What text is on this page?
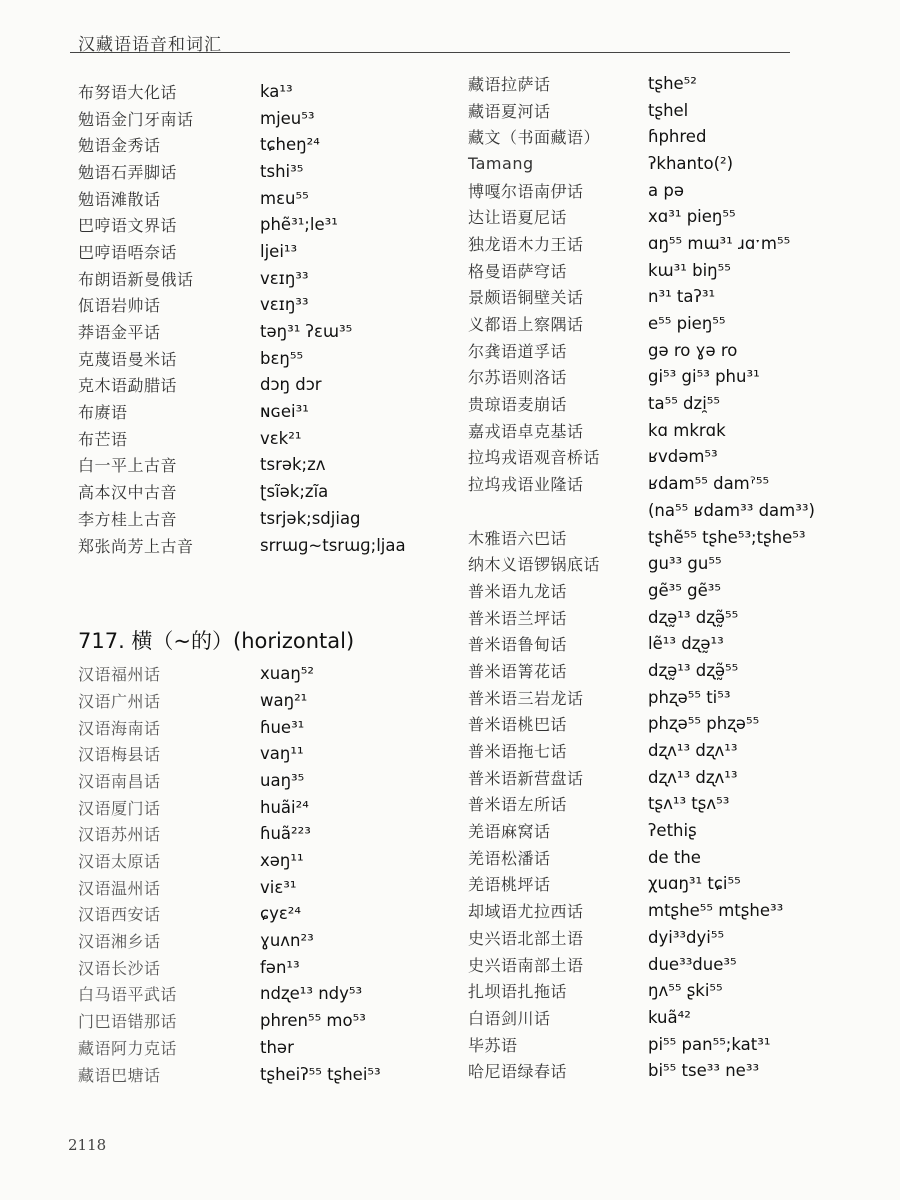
汉藏语语音和词汇
布努语大化话	ka¹³
勉语金门牙南话	mjeu⁵³
勉语金秀话	tɕheŋ²⁴
勉语石弄脚话	tshi³⁵
勉语滩散话	mɛu⁵⁵
巴哼语文界话	phẽ³¹;le³¹
巴哼语唔奈话	ljei¹³
布朗语新曼俄话	vɛɪŋ³³
佤语岩帅话	vɛɪŋ³³
莽语金平话	təŋ³¹ ʔɛɯ³⁵
克蔑语曼米话	bɛŋ⁵⁵
克木语勐腊话	dɔŋ dɔr
布赓语	ɴɢei³¹
布芒语	vɛk²¹
白一平上古音	tsrək;zʌ
高本汉中古音	ʈsĩək;zĩa
李方桂上古音	tsrjək;sdjiag
郑张尚芳上古音	srrɯɡ~tsrɯɡ;ljaa
717. 横（~的）(horizontal)
汉语福州话	xuaŋ⁵²
汉语广州话	waŋ²¹
汉语海南话	ɦue³¹
汉语梅县话	vaŋ¹¹
汉语南昌话	uaŋ³⁵
汉语厦门话	huãi²⁴
汉语苏州话	ɦuã²²³
汉语太原话	xəŋ¹¹
汉语温州话	viɛ³¹
汉语西安话	ɕyɛ²⁴
汉语湘乡话	ɣuʌn²³
汉语长沙话	fən¹³
白马语平武话	ndʐe¹³ ndy⁵³
门巴语错那话	phren⁵⁵ mo⁵³
藏语阿力克话	thər
藏语巴塘话	tʂheiʔ⁵⁵ tʂhei⁵³
藏语拉萨话	tʂhe⁵²
藏语夏河话	tʂhel
藏文（书面藏语）	ɦphred
Tamang	ʔkhanto(²)
博嘎尔语南伊话	a pə
达让语夏尼话	xɑ³¹ pieŋ⁵⁵
独龙语木力王话	ɑŋ⁵⁵ mɯ³¹ ɹɑˑm⁵⁵
格曼语萨穹话	kɯ³¹ biŋ⁵⁵
景颇语铜壁关话	n³¹ taʔ³¹
义都语上察隅话	e⁵⁵ pieŋ⁵⁵
尔龚语道孚话	gə ro ɣə ro
尔苏语则洛话	gi⁵³ gi⁵³ phu³¹
贵琼语麦崩话	ta⁵⁵ dzi̯⁵⁵
嘉戎语卓克基话	kɑ mkrɑk
拉坞戎语观音桥话	ʁvdəm⁵³
拉坞戎语业隆话	ʁdam⁵⁵ damˀ⁵⁵
(na⁵⁵ ʁdam³³ dam³³)
木雅语六巴话	tʂhẽ⁵⁵ tʂhe⁵³;tʂhe⁵³
纳木义语锣锅底话	gu³³ gu⁵⁵
普米语九龙话	gẽ³⁵ gẽ³⁵
普米语兰坪话	dʐə̰¹³ dʐə̰̃⁵⁵
普米语鲁甸话	lẽ¹³ dʐə̰¹³
普米语箐花话	dʐə̰¹³ dʐə̰̃⁵⁵
普米语三岩龙话	phʐə⁵⁵ ti⁵³
普米语桃巴话	phʐə⁵⁵ phʐə⁵⁵
普米语拖七话	dʐʌ¹³ dʐʌ¹³
普米语新营盘话	dʐʌ¹³ dʐʌ¹³
普米语左所话	tʂʌ¹³ tʂʌ⁵³
羌语麻窝话	ʔethiʂ
羌语松潘话	de the
羌语桃坪话	χuɑŋ³¹ tɕi⁵⁵
却域语尤拉西话	mtʂhe⁵⁵ mtʂhe³³
史兴语北部土语	dyi³³dyi⁵⁵
史兴语南部土语	due³³due³⁵
扎坝语扎拖话	ŋʌ⁵⁵ ʂki⁵⁵
白语剑川话	kuã⁴²
毕苏语	pi⁵⁵ pan⁵⁵;kat³¹
哈尼语绿春话	bi⁵⁵ tse³³ ne³³
2118
